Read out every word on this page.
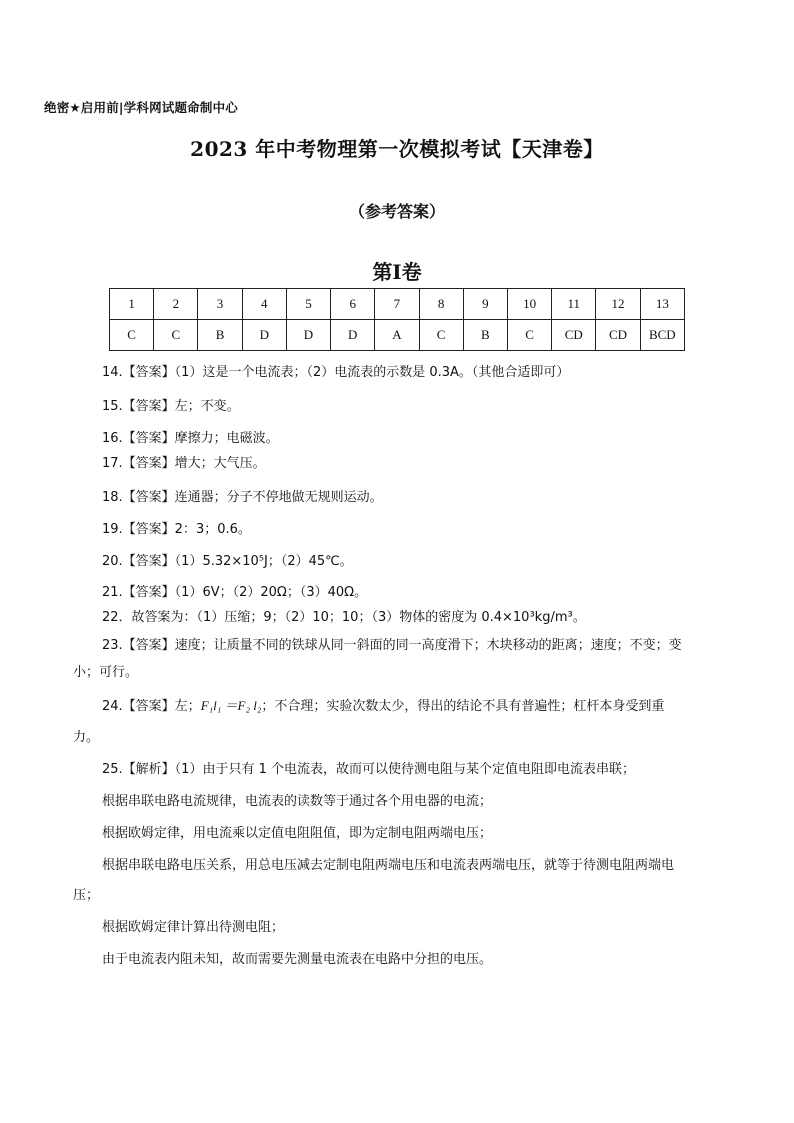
绝密★启用前|学科网试题命制中心
2023 年中考物理第一次模拟考试【天津卷】
（参考答案）
第Ⅰ卷
1	2	3	4	5	6	7	8	9	10	11	12	13
C	C	B	D	D	D	A	C	B	C	CD	CD	BCD
14.【答案】（1）这是一个电流表；（2）电流表的示数是 0.3A。（其他合适即可）
15.【答案】左；不变。
16.【答案】摩擦力；电磁波。
17.【答案】增大；大气压。
18.【答案】连通器；分子不停地做无规则运动。
19.【答案】2：3；0.6。
20.【答案】（1）5.32×10⁵J；（2）45℃。
21.【答案】（1）6V；（2）20Ω；（3）40Ω。
22．故答案为：（1）压缩；9；（2）10；10；（3）物体的密度为 0.4×10³kg/m³。
23.【答案】速度；让质量不同的铁球从同一斜面的同一高度滑下；木块移动的距离；速度；不变；变
小；可行。
24.【答案】左；F₁l₁ ＝F₂ l₂；不合理；实验次数太少，得出的结论不具有普遍性；杠杆本身受到重
力。
25.【解析】（1）由于只有 1 个电流表，故而可以使待测电阻与某个定值电阻即电流表串联；
根据串联电路电流规律，电流表的读数等于通过各个用电器的电流；
根据欧姆定律，用电流乘以定值电阻阻值，即为定制电阻两端电压；
根据串联电路电压关系，用总电压减去定制电阻两端电压和电流表两端电压，就等于待测电阻两端电
压；
根据欧姆定律计算出待测电阻；
由于电流表内阻未知，故而需要先测量电流表在电路中分担的电压。
